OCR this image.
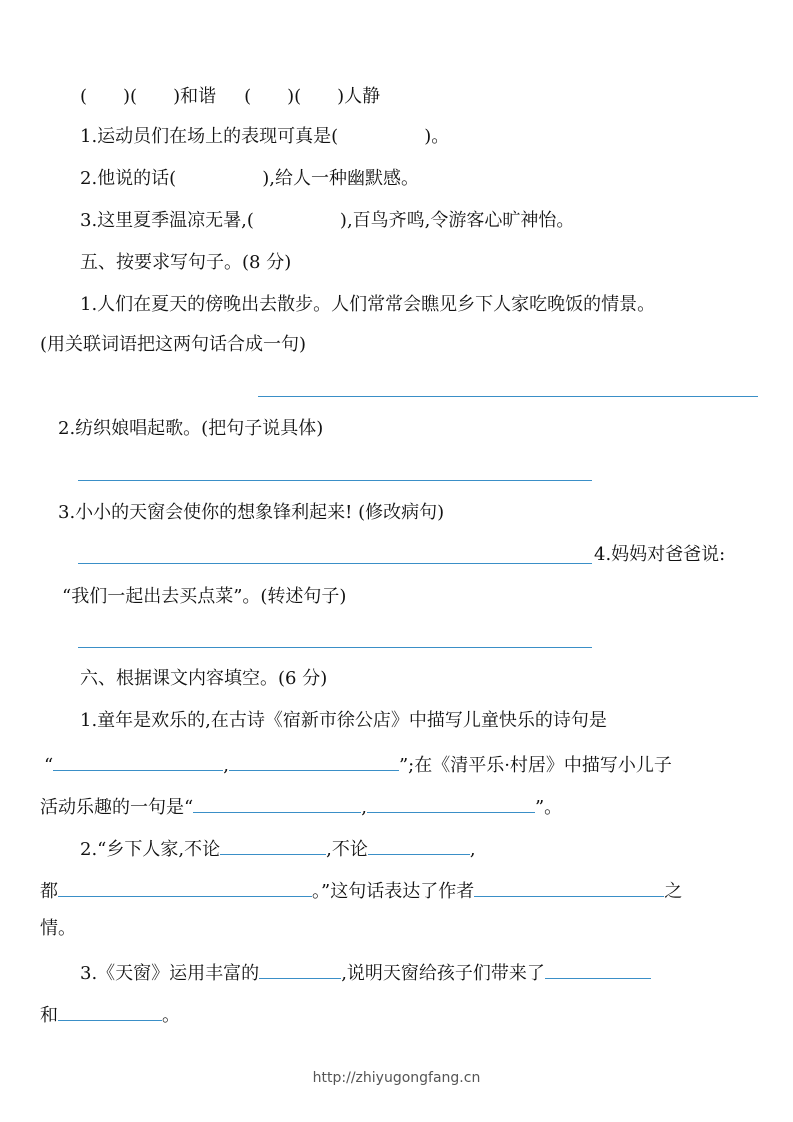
(　　)(　　)和谐 (　　)(　　)人静
1.运动员们在场上的表现可真是(	)。
2.他说的话(	),给人一种幽默感。
3.这里夏季温凉无暑,(	),百鸟齐鸣,令游客心旷神怡。
五、按要求写句子。(8 分)
1.人们在夏天的傍晚出去散步。人们常常会瞧见乡下人家吃晚饭的情景。
(用关联词语把这两句话合成一句)
2.纺织娘唱起歌。(把句子说具体)
3.小小的天窗会使你的想象锋利起来! (修改病句)
4.妈妈对爸爸说:
“我们一起出去买点菜”。(转述句子)
六、根据课文内容填空。(6 分)
1.童年是欢乐的,在古诗《宿新市徐公店》中描写儿童快乐的诗句是
“	,	”;在《清平乐·村居》中描写小儿子
活动乐趣的一句是“	,	”。
2.“乡下人家,不论	,不论	,
都	。”这句话表达了作者	之
情。
3.《天窗》运用丰富的	,说明天窗给孩子们带来了
和	。
http://zhiyugongfang.cn
